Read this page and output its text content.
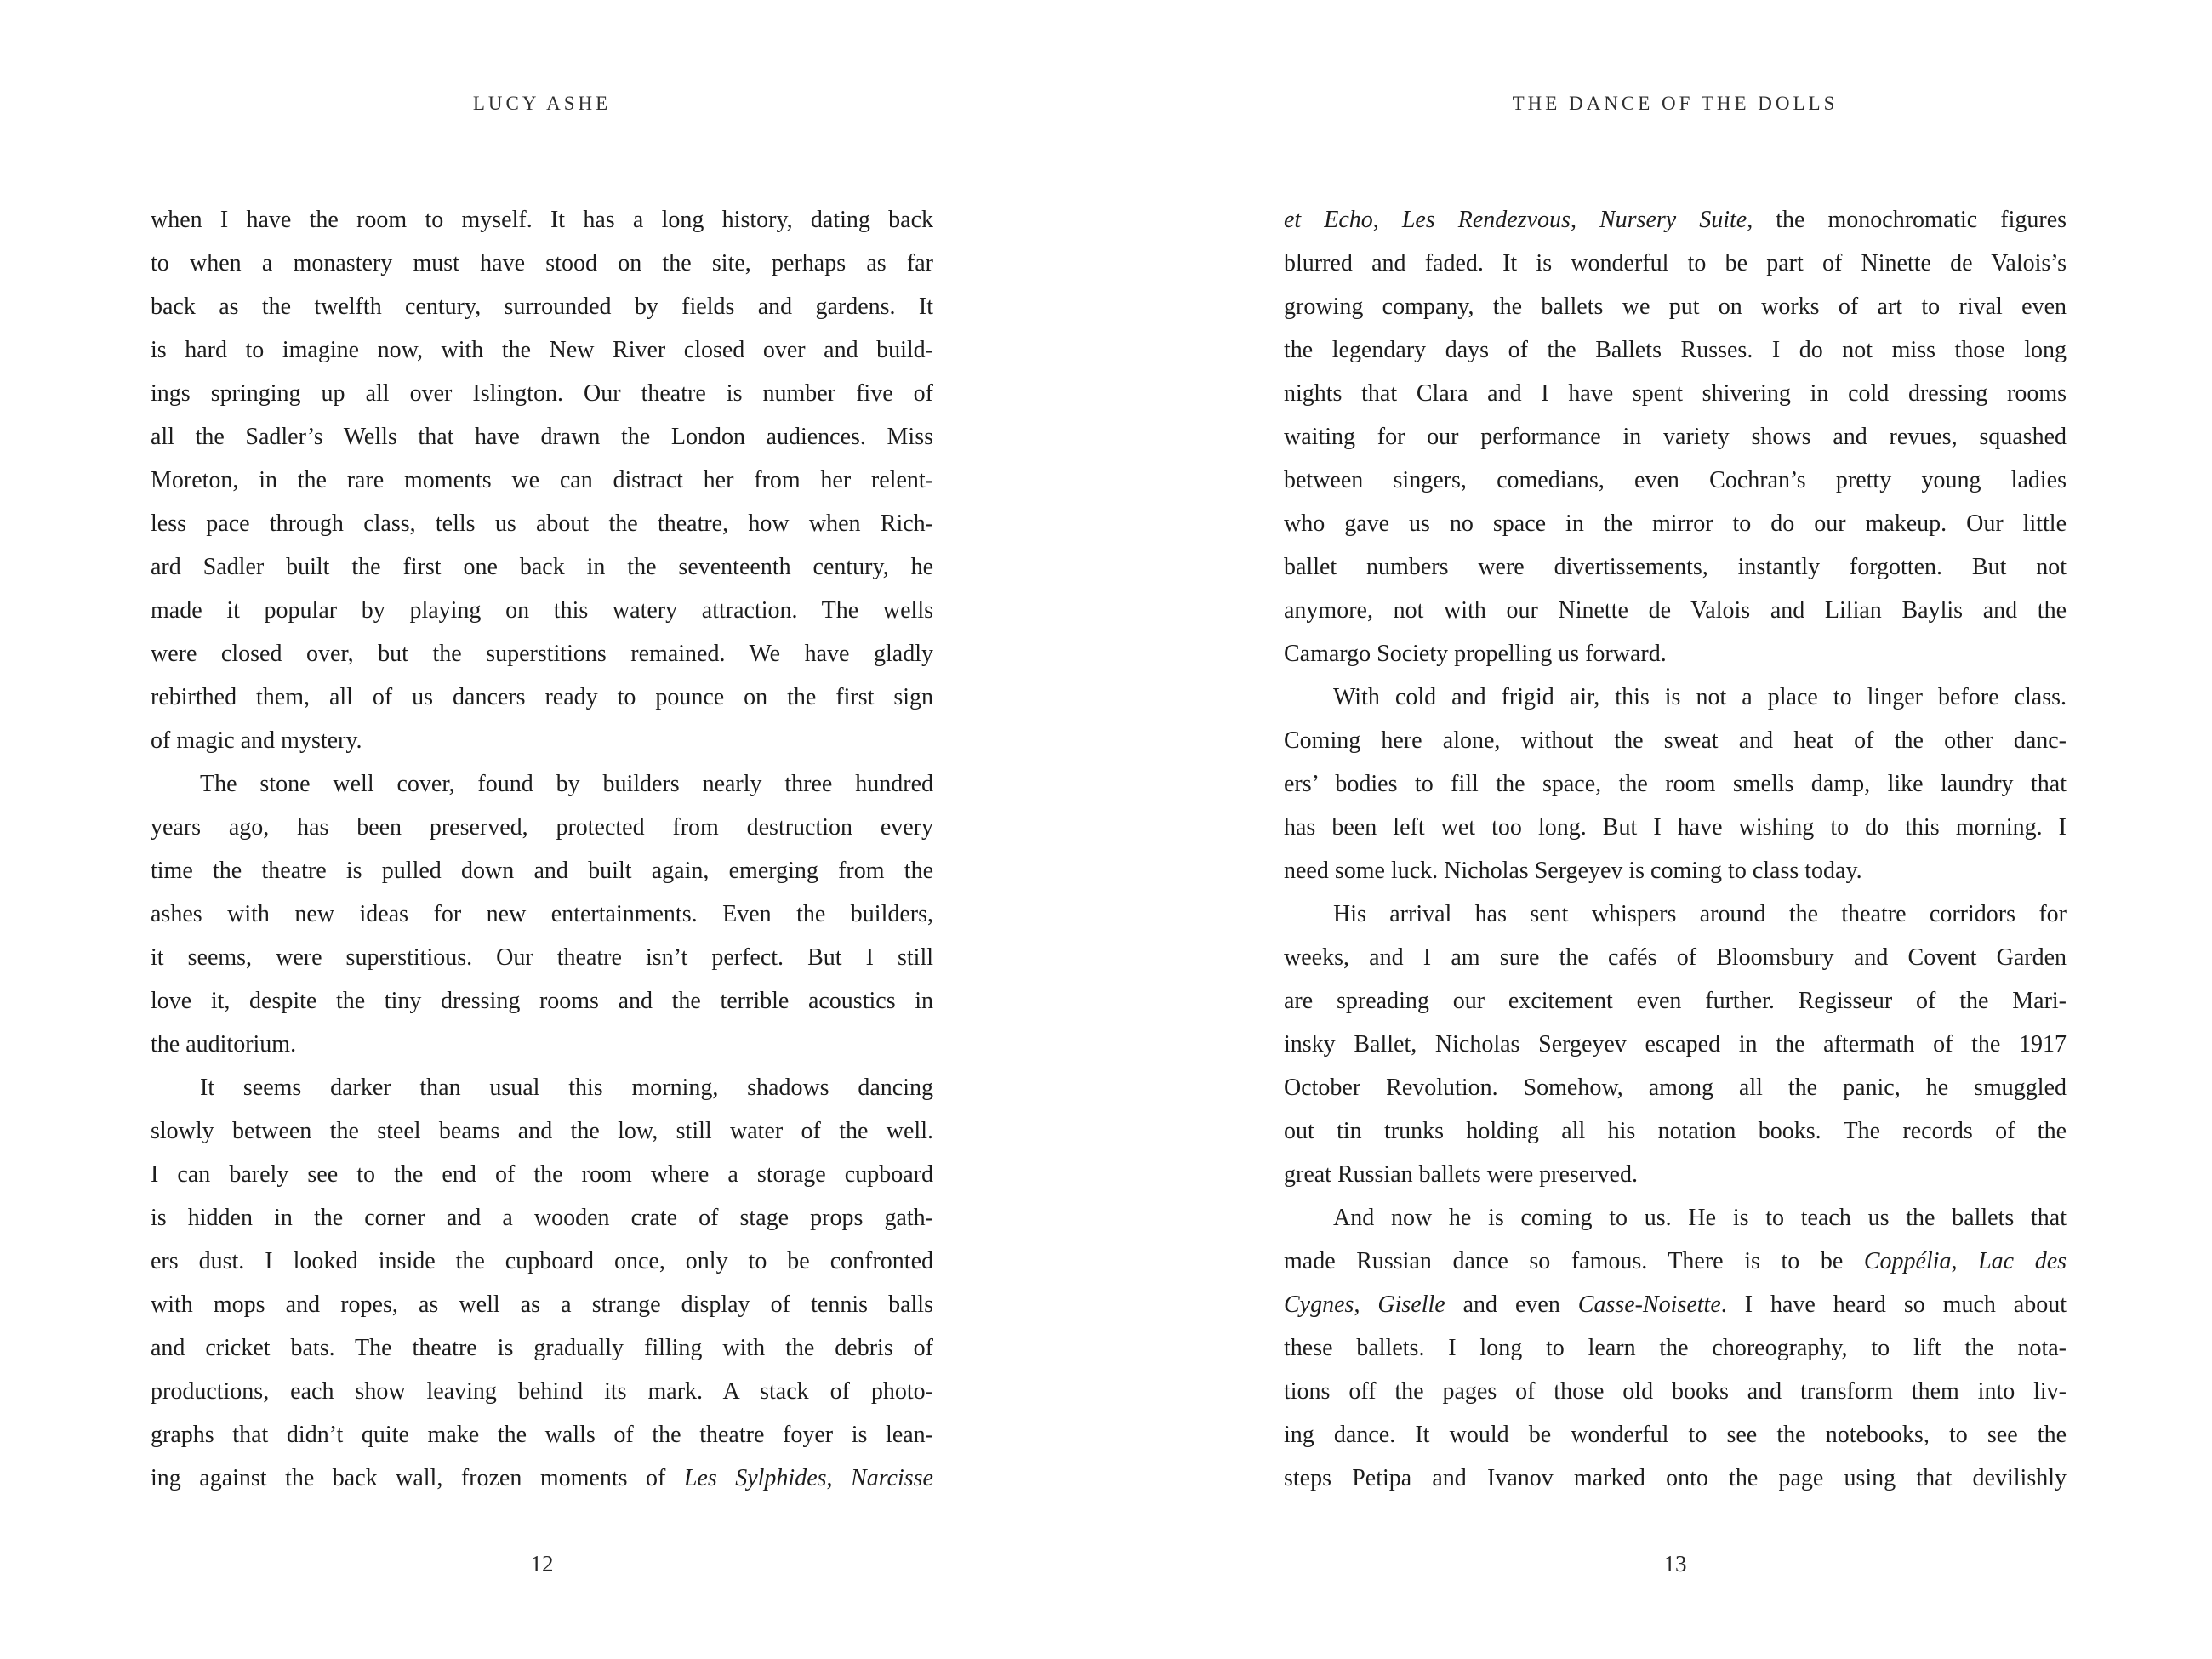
LUCY ASHE
when I have the room to myself. It has a long history, dating back
to when a monastery must have stood on the site, perhaps as far
back as the twelfth century, surrounded by fields and gardens. It
is hard to imagine now, with the New River closed over and build-
ings springing up all over Islington. Our theatre is number five of
all the Sadler’s Wells that have drawn the London audiences. Miss
Moreton, in the rare moments we can distract her from her relent-
less pace through class, tells us about the theatre, how when Rich-
ard Sadler built the first one back in the seventeenth century, he
made it popular by playing on this watery attraction. The wells
were closed over, but the superstitions remained. We have gladly
rebirthed them, all of us dancers ready to pounce on the first sign
of magic and mystery.
The stone well cover, found by builders nearly three hundred
years ago, has been preserved, protected from destruction every
time the theatre is pulled down and built again, emerging from the
ashes with new ideas for new entertainments. Even the builders,
it seems, were superstitious. Our theatre isn’t perfect. But I still
love it, despite the tiny dressing rooms and the terrible acoustics in
the auditorium.
It seems darker than usual this morning, shadows dancing
slowly between the steel beams and the low, still water of the well.
I can barely see to the end of the room where a storage cupboard
is hidden in the corner and a wooden crate of stage props gath-
ers dust. I looked inside the cupboard once, only to be confronted
with mops and ropes, as well as a strange display of tennis balls
and cricket bats. The theatre is gradually filling with the debris of
productions, each show leaving behind its mark. A stack of photo-
graphs that didn’t quite make the walls of the theatre foyer is lean-
ing against the back wall, frozen moments of Les Sylphides, Narcisse
12
THE DANCE OF THE DOLLS
et Echo, Les Rendezvous, Nursery Suite, the monochromatic figures
blurred and faded. It is wonderful to be part of Ninette de Valois’s
growing company, the ballets we put on works of art to rival even
the legendary days of the Ballets Russes. I do not miss those long
nights that Clara and I have spent shivering in cold dressing rooms
waiting for our performance in variety shows and revues, squashed
between singers, comedians, even Cochran’s pretty young ladies
who gave us no space in the mirror to do our makeup. Our little
ballet numbers were divertissements, instantly forgotten. But not
anymore, not with our Ninette de Valois and Lilian Baylis and the
Camargo Society propelling us forward.
With cold and frigid air, this is not a place to linger before class.
Coming here alone, without the sweat and heat of the other danc-
ers’ bodies to fill the space, the room smells damp, like laundry that
has been left wet too long. But I have wishing to do this morning. I
need some luck. Nicholas Sergeyev is coming to class today.
His arrival has sent whispers around the theatre corridors for
weeks, and I am sure the cafés of Bloomsbury and Covent Garden
are spreading our excitement even further. Regisseur of the Mari-
insky Ballet, Nicholas Sergeyev escaped in the aftermath of the 1917
October Revolution. Somehow, among all the panic, he smuggled
out tin trunks holding all his notation books. The records of the
great Russian ballets were preserved.
And now he is coming to us. He is to teach us the ballets that
made Russian dance so famous. There is to be Coppélia, Lac des
Cygnes, Giselle and even Casse-Noisette. I have heard so much about
these ballets. I long to learn the choreography, to lift the nota-
tions off the pages of those old books and transform them into liv-
ing dance. It would be wonderful to see the notebooks, to see the
steps Petipa and Ivanov marked onto the page using that devilishly
13
